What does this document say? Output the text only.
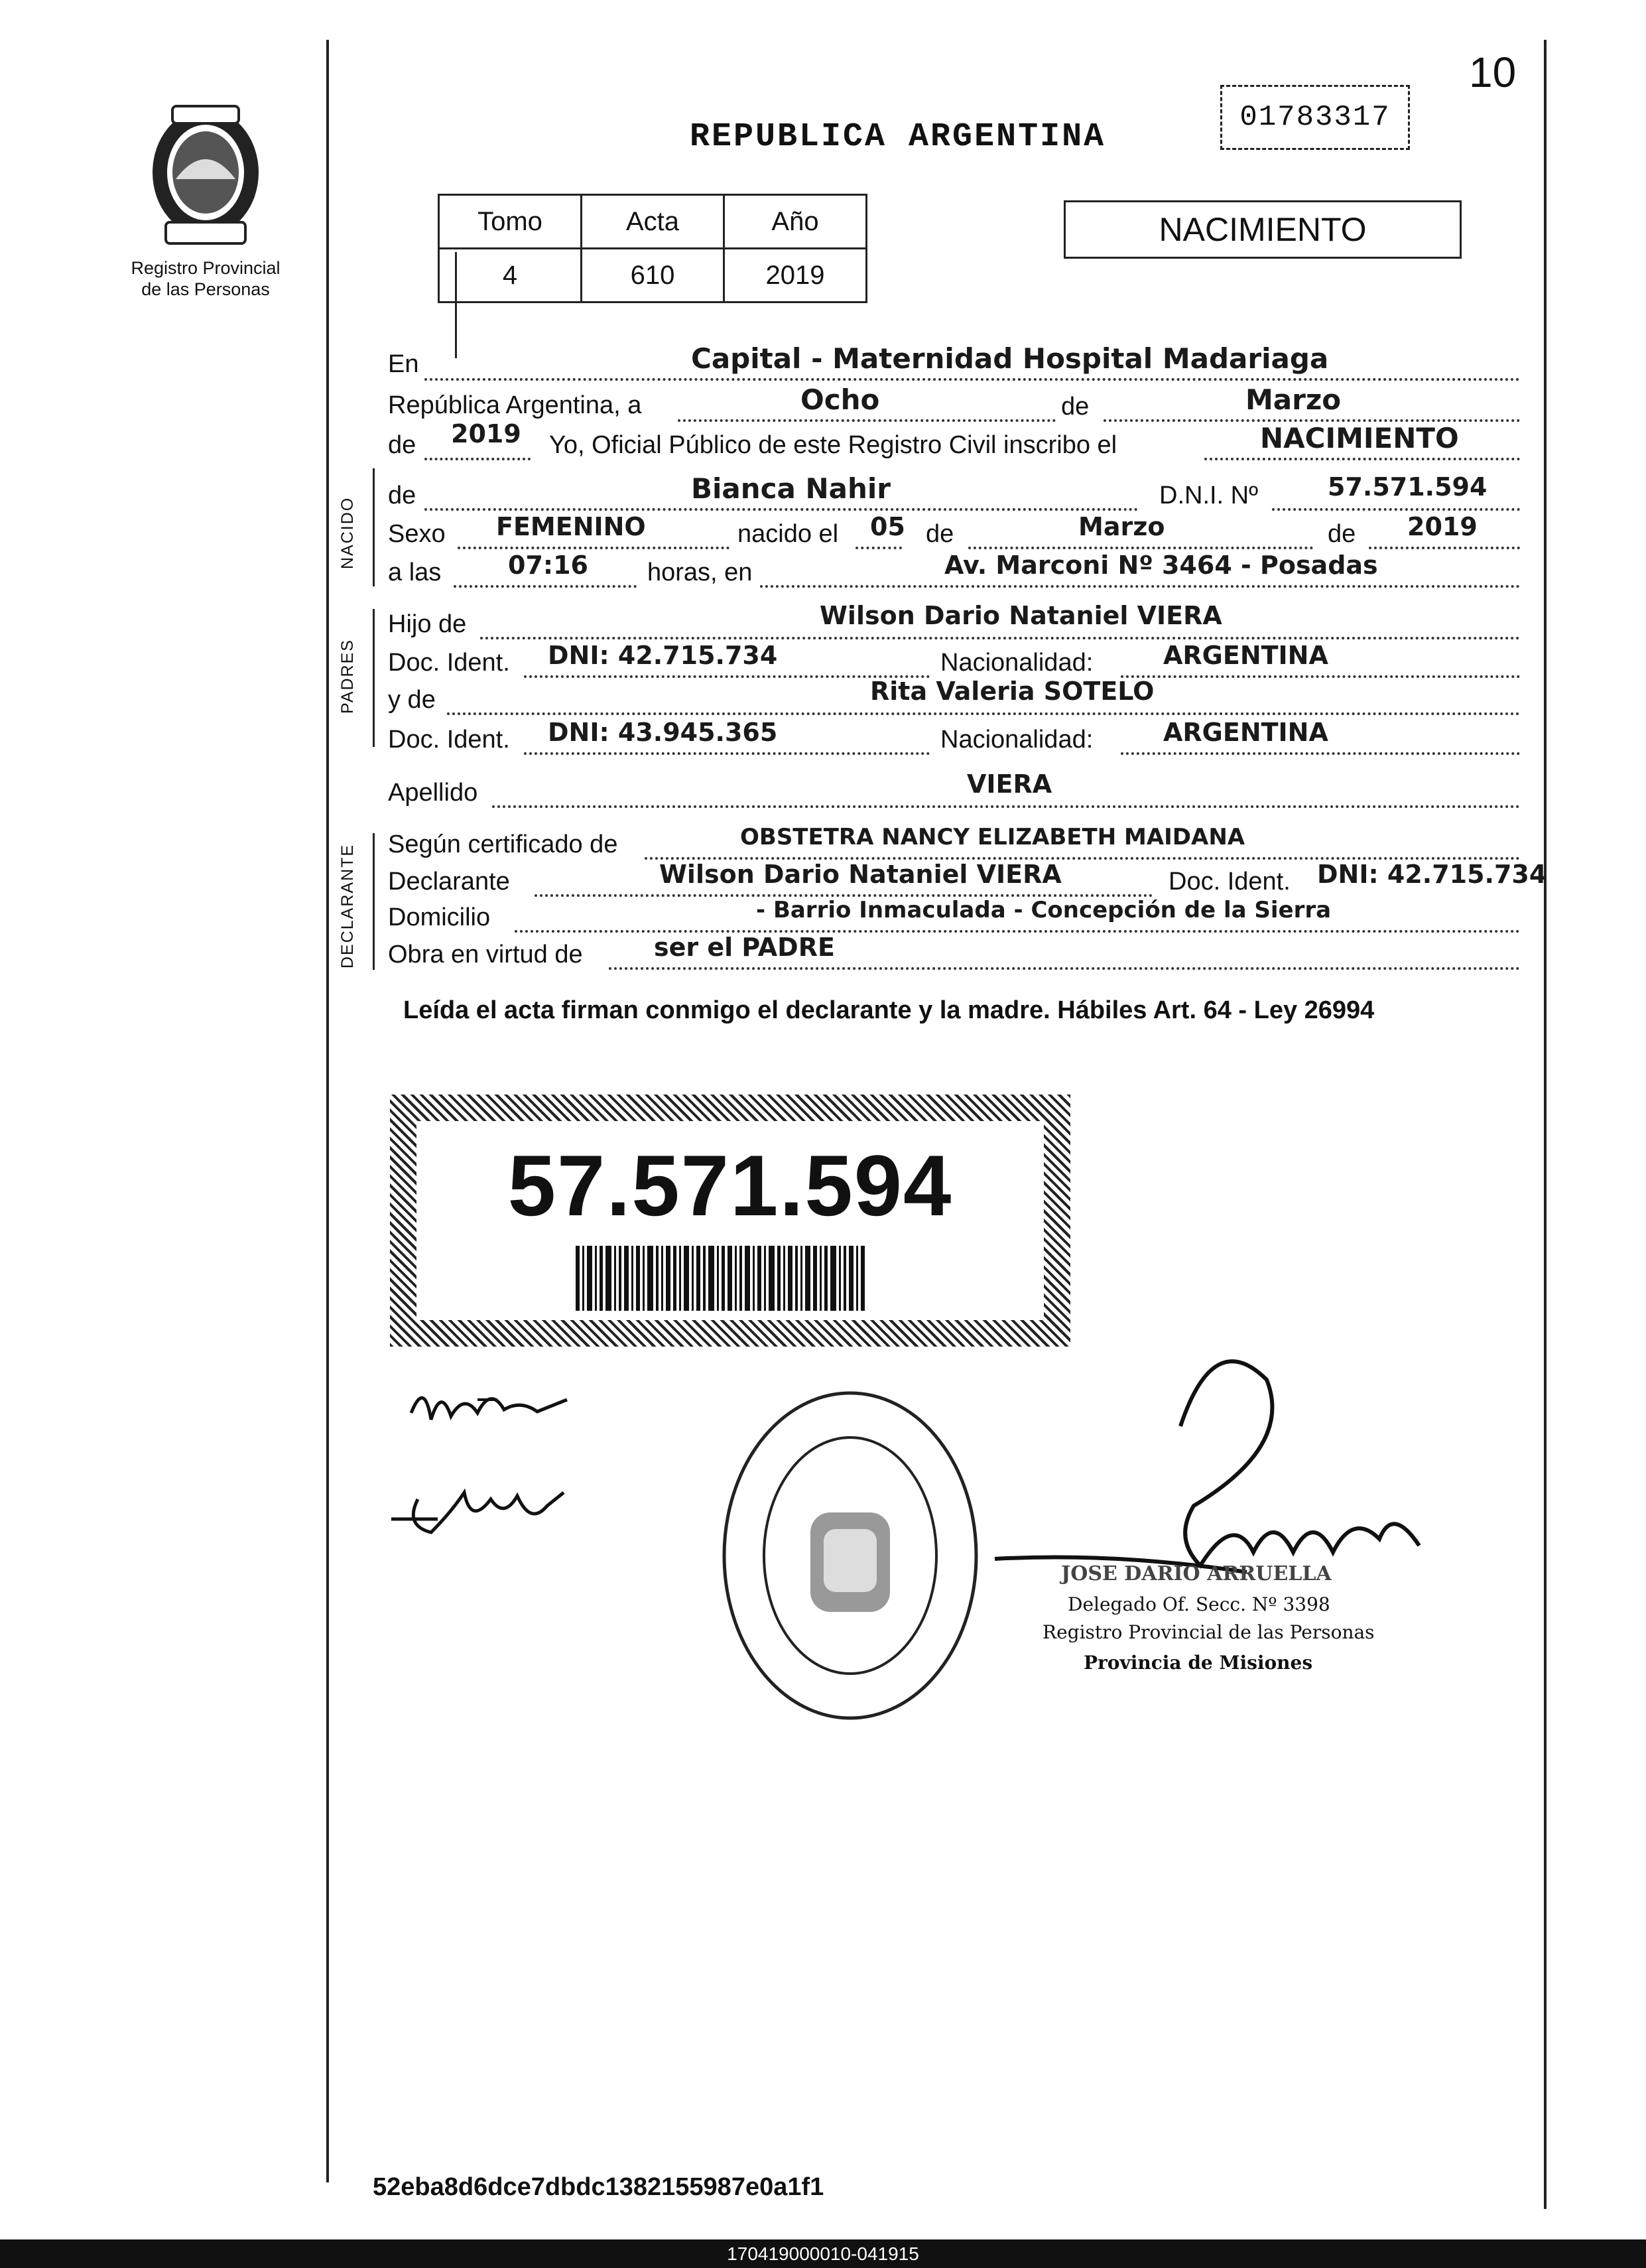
10
01783317
REPUBLICA ARGENTINA
Registro Provincial
de las Personas
Tomo	Acta	Año
4	610	2019
NACIMIENTO
En	Capital - Maternidad Hospital Madariaga
República Argentina, a	Ocho	de	Marzo
de 2019 Yo, Oficial Público de este Registro Civil inscribo el	NACIMIENTO
NACIDO
de	Bianca Nahir	D.N.I. Nº	57.571.594
Sexo FEMENINO	nacido el 05 de	Marzo	de 2019
a las	07:16 horas, en	Av. Marconi Nº 3464 - Posadas
PADRES
Hijo de	Wilson Dario Nataniel VIERA
Doc. Ident. DNI: 42.715.734	Nacionalidad:	ARGENTINA
y de	Rita Valeria SOTELO
Doc. Ident. DNI: 43.945.365	Nacionalidad:	ARGENTINA
Apellido	VIERA
DECLARANTE Según certificado de	OBSTETRA NANCY ELIZABETH MAIDANA
Declarante	Wilson Dario Nataniel VIERA	Doc. Ident. DNI: 42.715.734
Domicilio	- Barrio Inmaculada - Concepción de la Sierra
Obra en virtud de	ser el PADRE
Leída el acta firman conmigo el declarante y la madre. Hábiles Art. 64 - Ley 26994
57.571.594
JOSE DARIO ARRUELLA
Delegado Of. Secc. Nº 3398
Registro Provincial de las Personas
Provincia de Misiones
52eba8d6dce7dbdc1382155987e0a1f1
170419000010-041915
